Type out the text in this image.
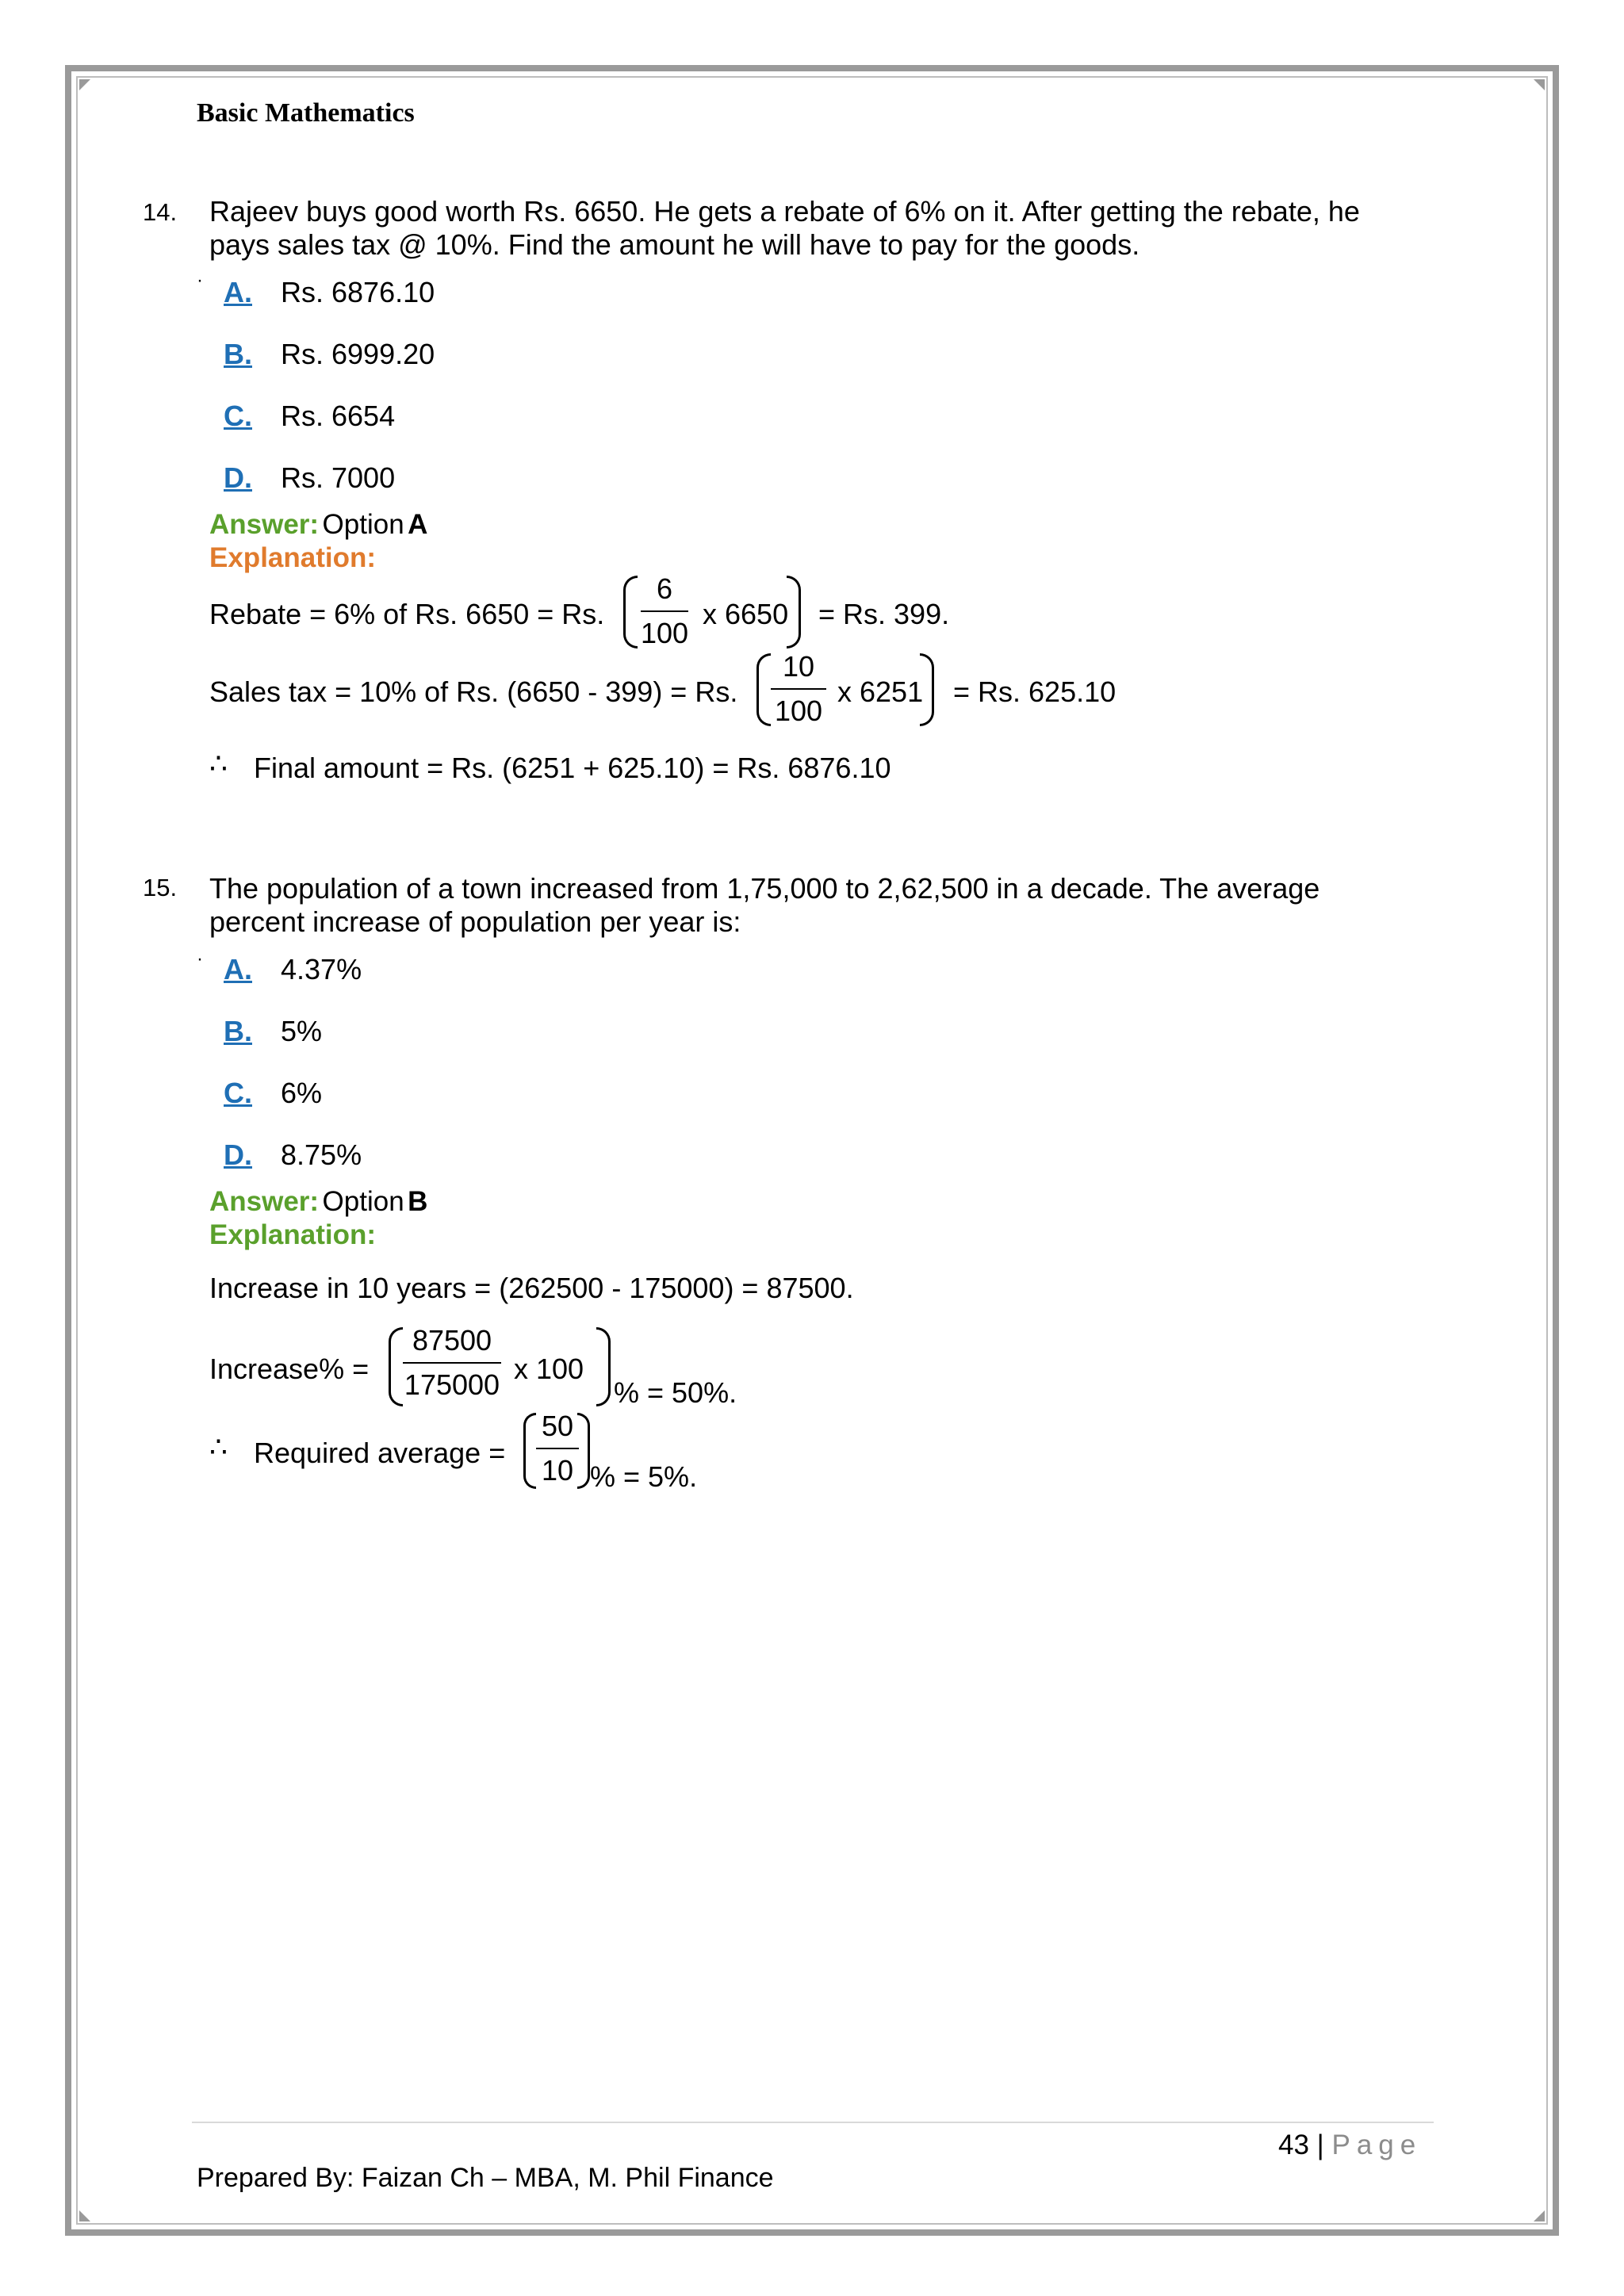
Basic Mathematics
14. Rajeev buys good worth Rs. 6650. He gets a rebate of 6% on it. After getting the rebate, he
pays sales tax @ 10%. Find the amount he will have to pay for the goods.
· A. Rs. 6876.10
B. Rs. 6999.20
C. Rs. 6654
D. Rs. 7000
Answer: Option A
Explanation:
Rebate = 6% of Rs. 6650 = Rs.
6
100
x 6650 = Rs. 399.
Sales tax = 10% of Rs. (6650 - 399) = Rs.
10
100
x 6251 = Rs. 625.10
∴ Final amount = Rs. (6251 + 625.10) = Rs. 6876.10
15. The population of a town increased from 1,75,000 to 2,62,500 in a decade. The average
percent increase of population per year is:
· A. 4.37%
B. 5%
C. 6%
D. 8.75%
Answer: Option B
Explanation:
Increase in 10 years = (262500 - 175000) = 87500.
Increase% =
87500
175000 x 100
% = 50%.
∴ Required average =
50
10 % = 5%.
43 | Page
Prepared By: Faizan Ch – MBA, M. Phil Finance
